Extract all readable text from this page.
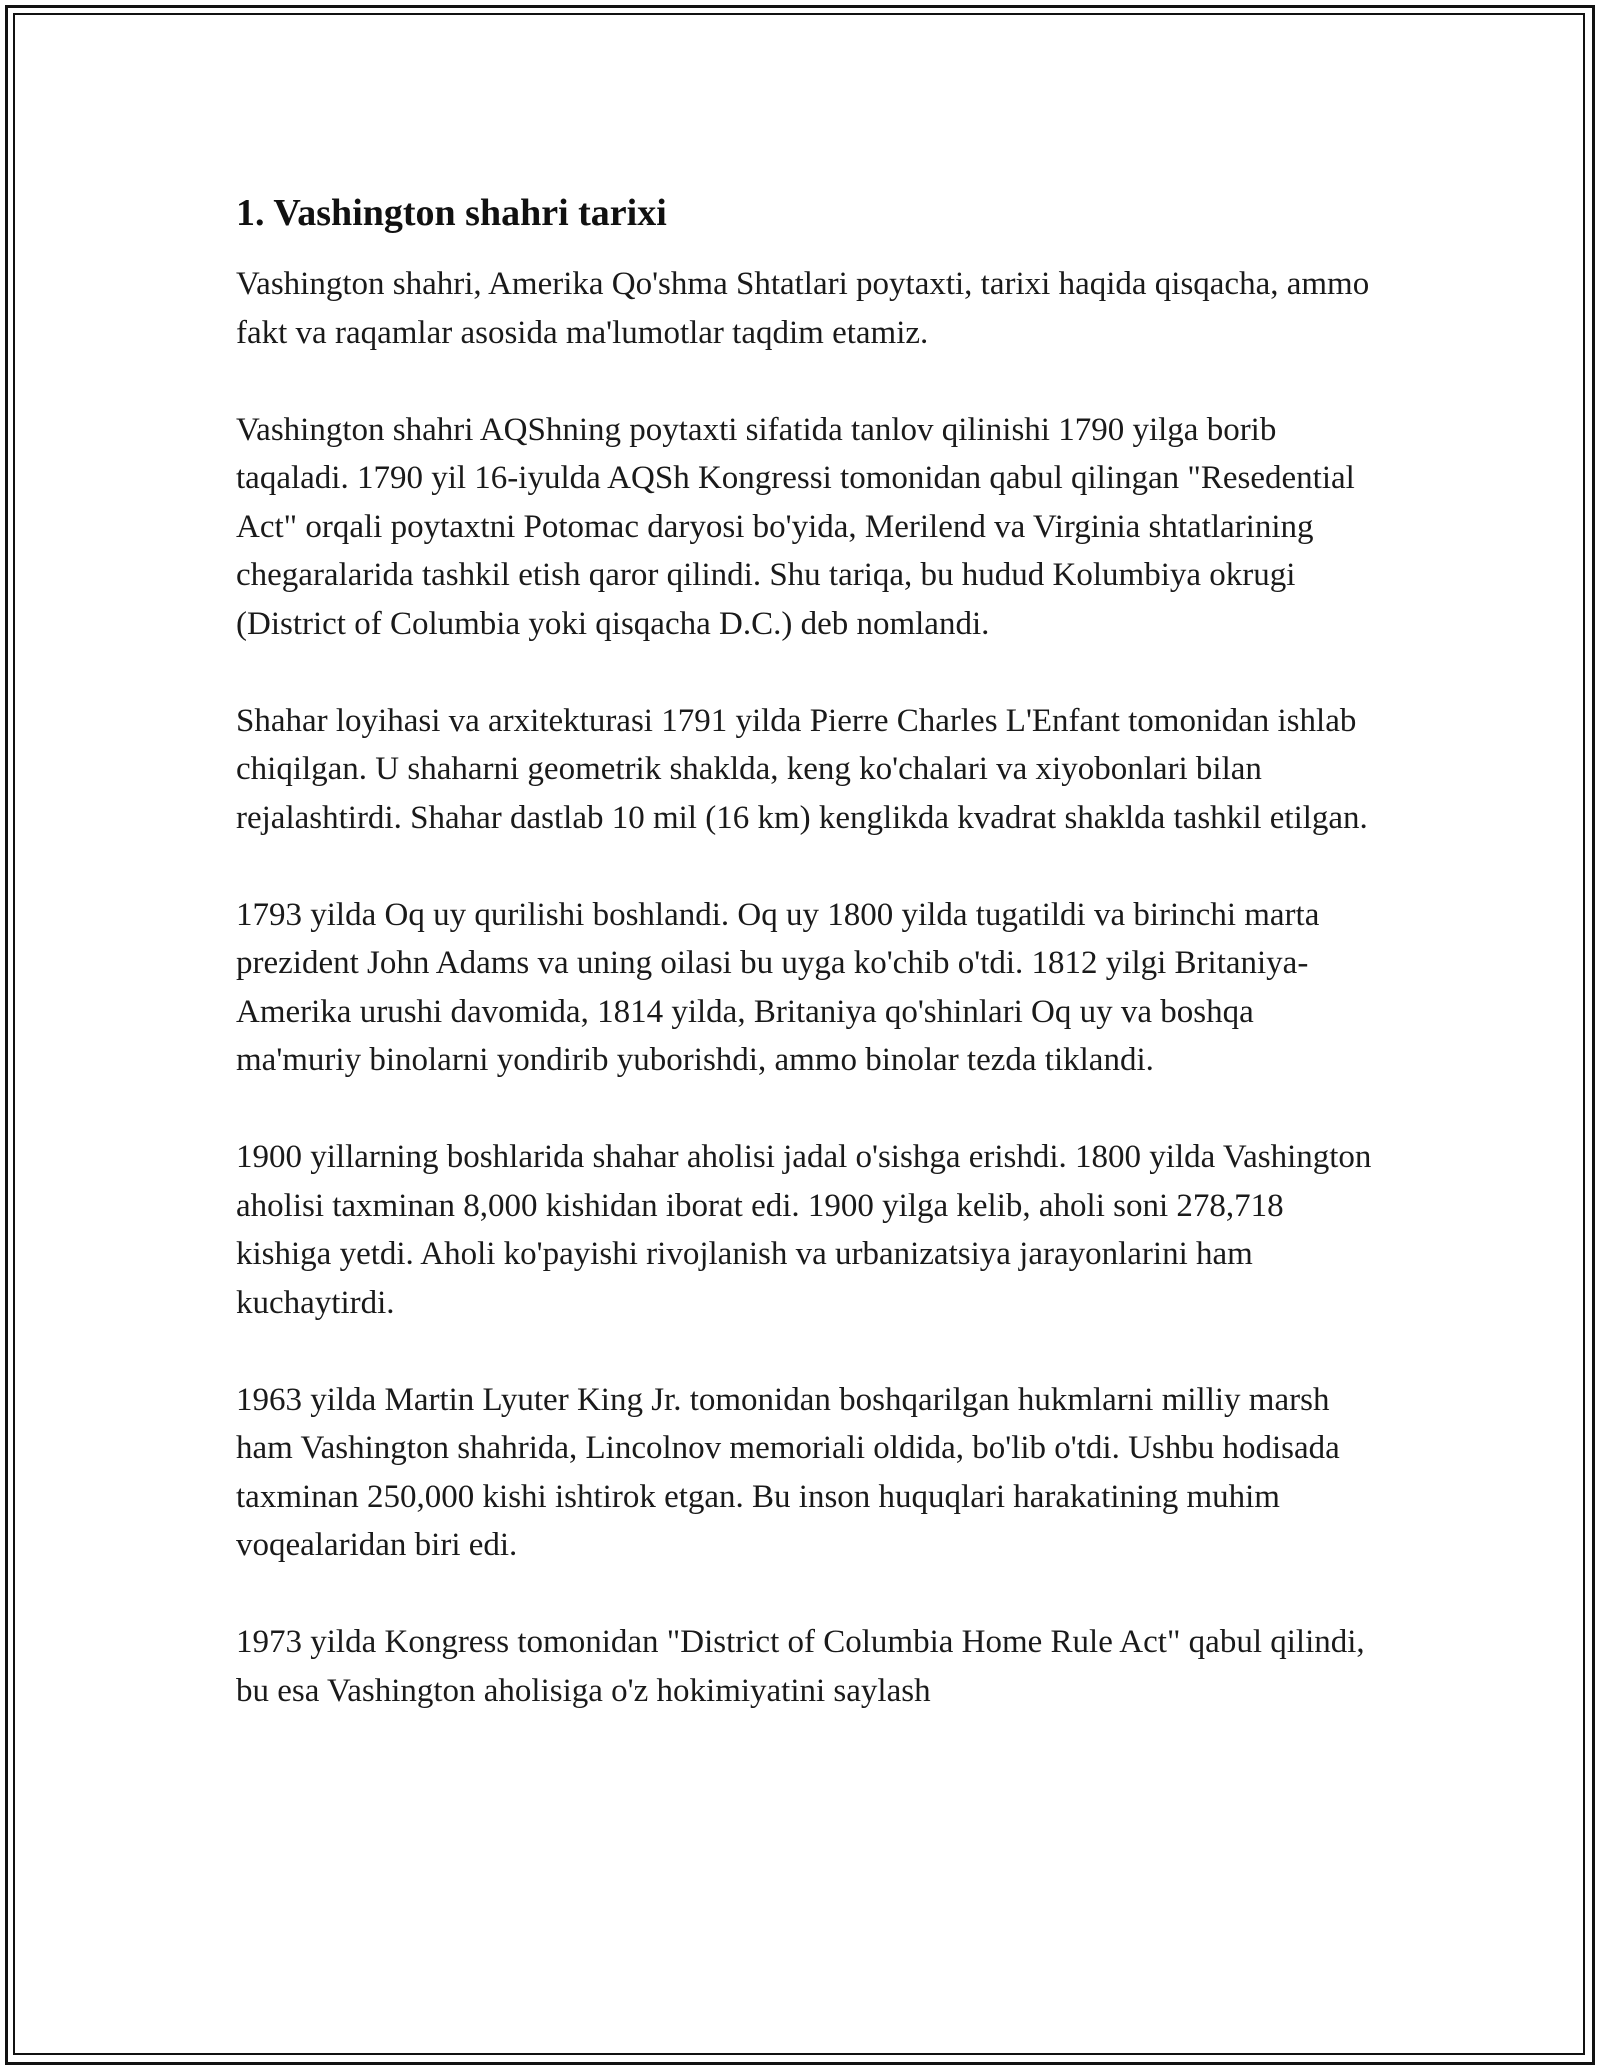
1. Vashington shahri tarixi

Vashington shahri, Amerika Qo'shma Shtatlari poytaxti, tarixi haqida qisqacha, ammo fakt va raqamlar asosida ma'lumotlar taqdim etamiz.

Vashington shahri AQShning poytaxti sifatida tanlov qilinishi 1790 yilga borib taqaladi. 1790 yil 16-iyulda AQSh Kongressi tomonidan qabul qilingan "Resedential Act" orqali poytaxtni Potomac daryosi bo'yida, Merilend va Virginia shtatlarining chegaralarida tashkil etish qaror qilindi. Shu tariqa, bu hudud Kolumbiya okrugi (District of Columbia yoki qisqacha D.C.) deb nomlandi.

Shahar loyihasi va arxitekturasi 1791 yilda Pierre Charles L'Enfant tomonidan ishlab chiqilgan. U shaharni geometrik shaklda, keng ko'chalari va xiyobonlari bilan rejalashtirdi. Shahar dastlab 10 mil (16 km) kenglikda kvadrat shaklda tashkil etilgan.

1793 yilda Oq uy qurilishi boshlandi. Oq uy 1800 yilda tugatildi va birinchi marta prezident John Adams va uning oilasi bu uyga ko'chib o'tdi. 1812 yilgi Britaniya-Amerika urushi davomida, 1814 yilda, Britaniya qo'shinlari Oq uy va boshqa ma'muriy binolarni yondirib yuborishdi, ammo binolar tezda tiklandi.

1900 yillarning boshlarida shahar aholisi jadal o'sishga erishdi. 1800 yilda Vashington aholisi taxminan 8,000 kishidan iborat edi. 1900 yilga kelib, aholi soni 278,718 kishiga yetdi. Aholi ko'payishi rivojlanish va urbanizatsiya jarayonlarini ham kuchaytirdi.

1963 yilda Martin Lyuter King Jr. tomonidan boshqarilgan hukmlarni milliy marsh ham Vashington shahrida, Lincolnov memoriali oldida, bo'lib o'tdi. Ushbu hodisada taxminan 250,000 kishi ishtirok etgan. Bu inson huquqlari harakatining muhim voqealaridan biri edi.

1973 yilda Kongress tomonidan "District of Columbia Home Rule Act" qabul qilindi, bu esa Vashington aholisiga o'z hokimiyatini saylash
